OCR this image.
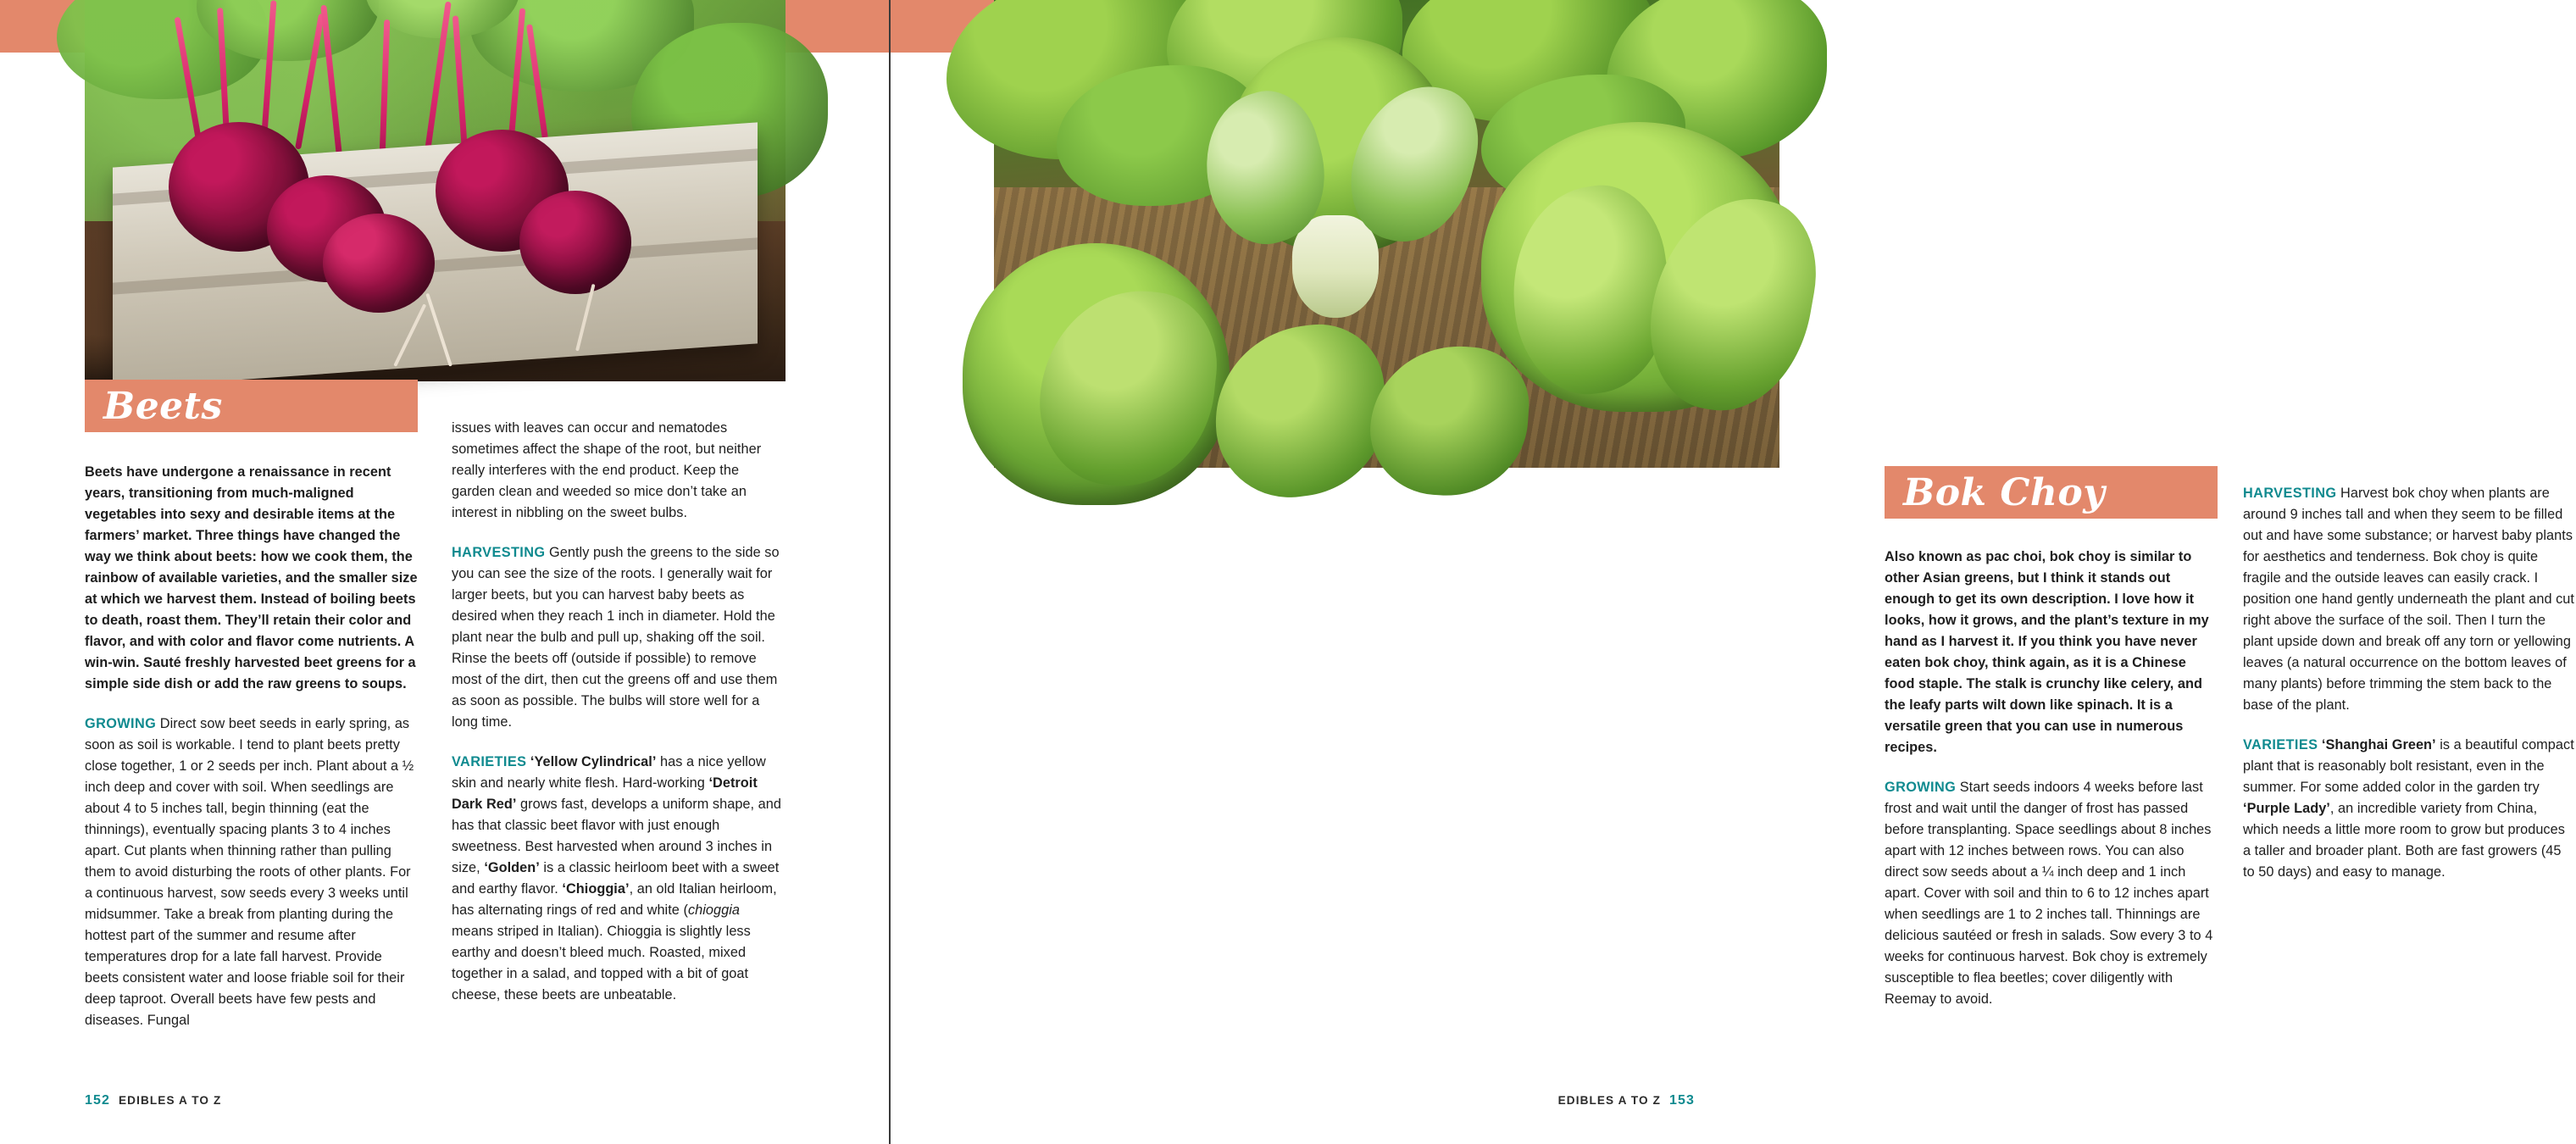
Beets

Beets have undergone a renaissance in recent years, transitioning from much-maligned vegetables into sexy and desirable items at the farmers’ market. Three things have changed the way we think about beets: how we cook them, the rainbow of available varieties, and the smaller size at which we harvest them. Instead of boiling beets to death, roast them. They’ll retain their color and flavor, and with color and flavor come nutrients. A win-win. Sauté freshly harvested beet greens for a simple side dish or add the raw greens to soups.

GROWING Direct sow beet seeds in early spring, as soon as soil is workable. I tend to plant beets pretty close together, 1 or 2 seeds per inch. Plant about a ½ inch deep and cover with soil. When seedlings are about 4 to 5 inches tall, begin thinning (eat the thinnings), eventually spacing plants 3 to 4 inches apart. Cut plants when thinning rather than pulling them to avoid disturbing the roots of other plants. For a continuous harvest, sow seeds every 3 weeks until midsummer. Take a break from planting during the hottest part of the summer and resume after temperatures drop for a late fall harvest. Provide beets consistent water and loose friable soil for their deep taproot. Overall beets have few pests and diseases. Fungal

issues with leaves can occur and nematodes sometimes affect the shape of the root, but neither really interferes with the end product. Keep the garden clean and weeded so mice don’t take an interest in nibbling on the sweet bulbs.

HARVESTING Gently push the greens to the side so you can see the size of the roots. I generally wait for larger beets, but you can harvest baby beets as desired when they reach 1 inch in diameter. Hold the plant near the bulb and pull up, shaking off the soil. Rinse the beets off (outside if possible) to remove most of the dirt, then cut the greens off and use them as soon as possible. The bulbs will store well for a long time.

VARIETIES ‘Yellow Cylindrical’ has a nice yellow skin and nearly white flesh. Hard-working ‘Detroit Dark Red’ grows fast, develops a uniform shape, and has that classic beet flavor with just enough sweetness. Best harvested when around 3 inches in size, ‘Golden’ is a classic heirloom beet with a sweet and earthy flavor. ‘Chioggia’, an old Italian heirloom, has alternating rings of red and white (chioggia means striped in Italian). Chioggia is slightly less earthy and doesn’t bleed much. Roasted, mixed together in a salad, and topped with a bit of goat cheese, these beets are unbeatable.

152 EDIBLES A TO Z
Bok Choy

Also known as pac choi, bok choy is similar to other Asian greens, but I think it stands out enough to get its own description. I love how it looks, how it grows, and the plant’s texture in my hand as I harvest it. If you think you have never eaten bok choy, think again, as it is a Chinese food staple. The stalk is crunchy like celery, and the leafy parts wilt down like spinach. It is a versatile green that you can use in numerous recipes.

GROWING Start seeds indoors 4 weeks before last frost and wait until the danger of frost has passed before transplanting. Space seedlings about 8 inches apart with 12 inches between rows. You can also direct sow seeds about a ¼ inch deep and 1 inch apart. Cover with soil and thin to 6 to 12 inches apart when seedlings are 1 to 2 inches tall. Thinnings are delicious sautéed or fresh in salads. Sow every 3 to 4 weeks for continuous harvest. Bok choy is extremely susceptible to flea beetles; cover diligently with Reemay to avoid.

HARVESTING Harvest bok choy when plants are around 9 inches tall and when they seem to be filled out and have some substance; or harvest baby plants for aesthetics and tenderness. Bok choy is quite fragile and the outside leaves can easily crack. I position one hand gently underneath the plant and cut right above the surface of the soil. Then I turn the plant upside down and break off any torn or yellowing leaves (a natural occurrence on the bottom leaves of many plants) before trimming the stem back to the base of the plant.

VARIETIES ‘Shanghai Green’ is a beautiful compact plant that is reasonably bolt resistant, even in the summer. For some added color in the garden try ‘Purple Lady’, an incredible variety from China, which needs a little more room to grow but produces a taller and broader plant. Both are fast growers (45 to 50 days) and easy to manage.

EDIBLES A TO Z 153
